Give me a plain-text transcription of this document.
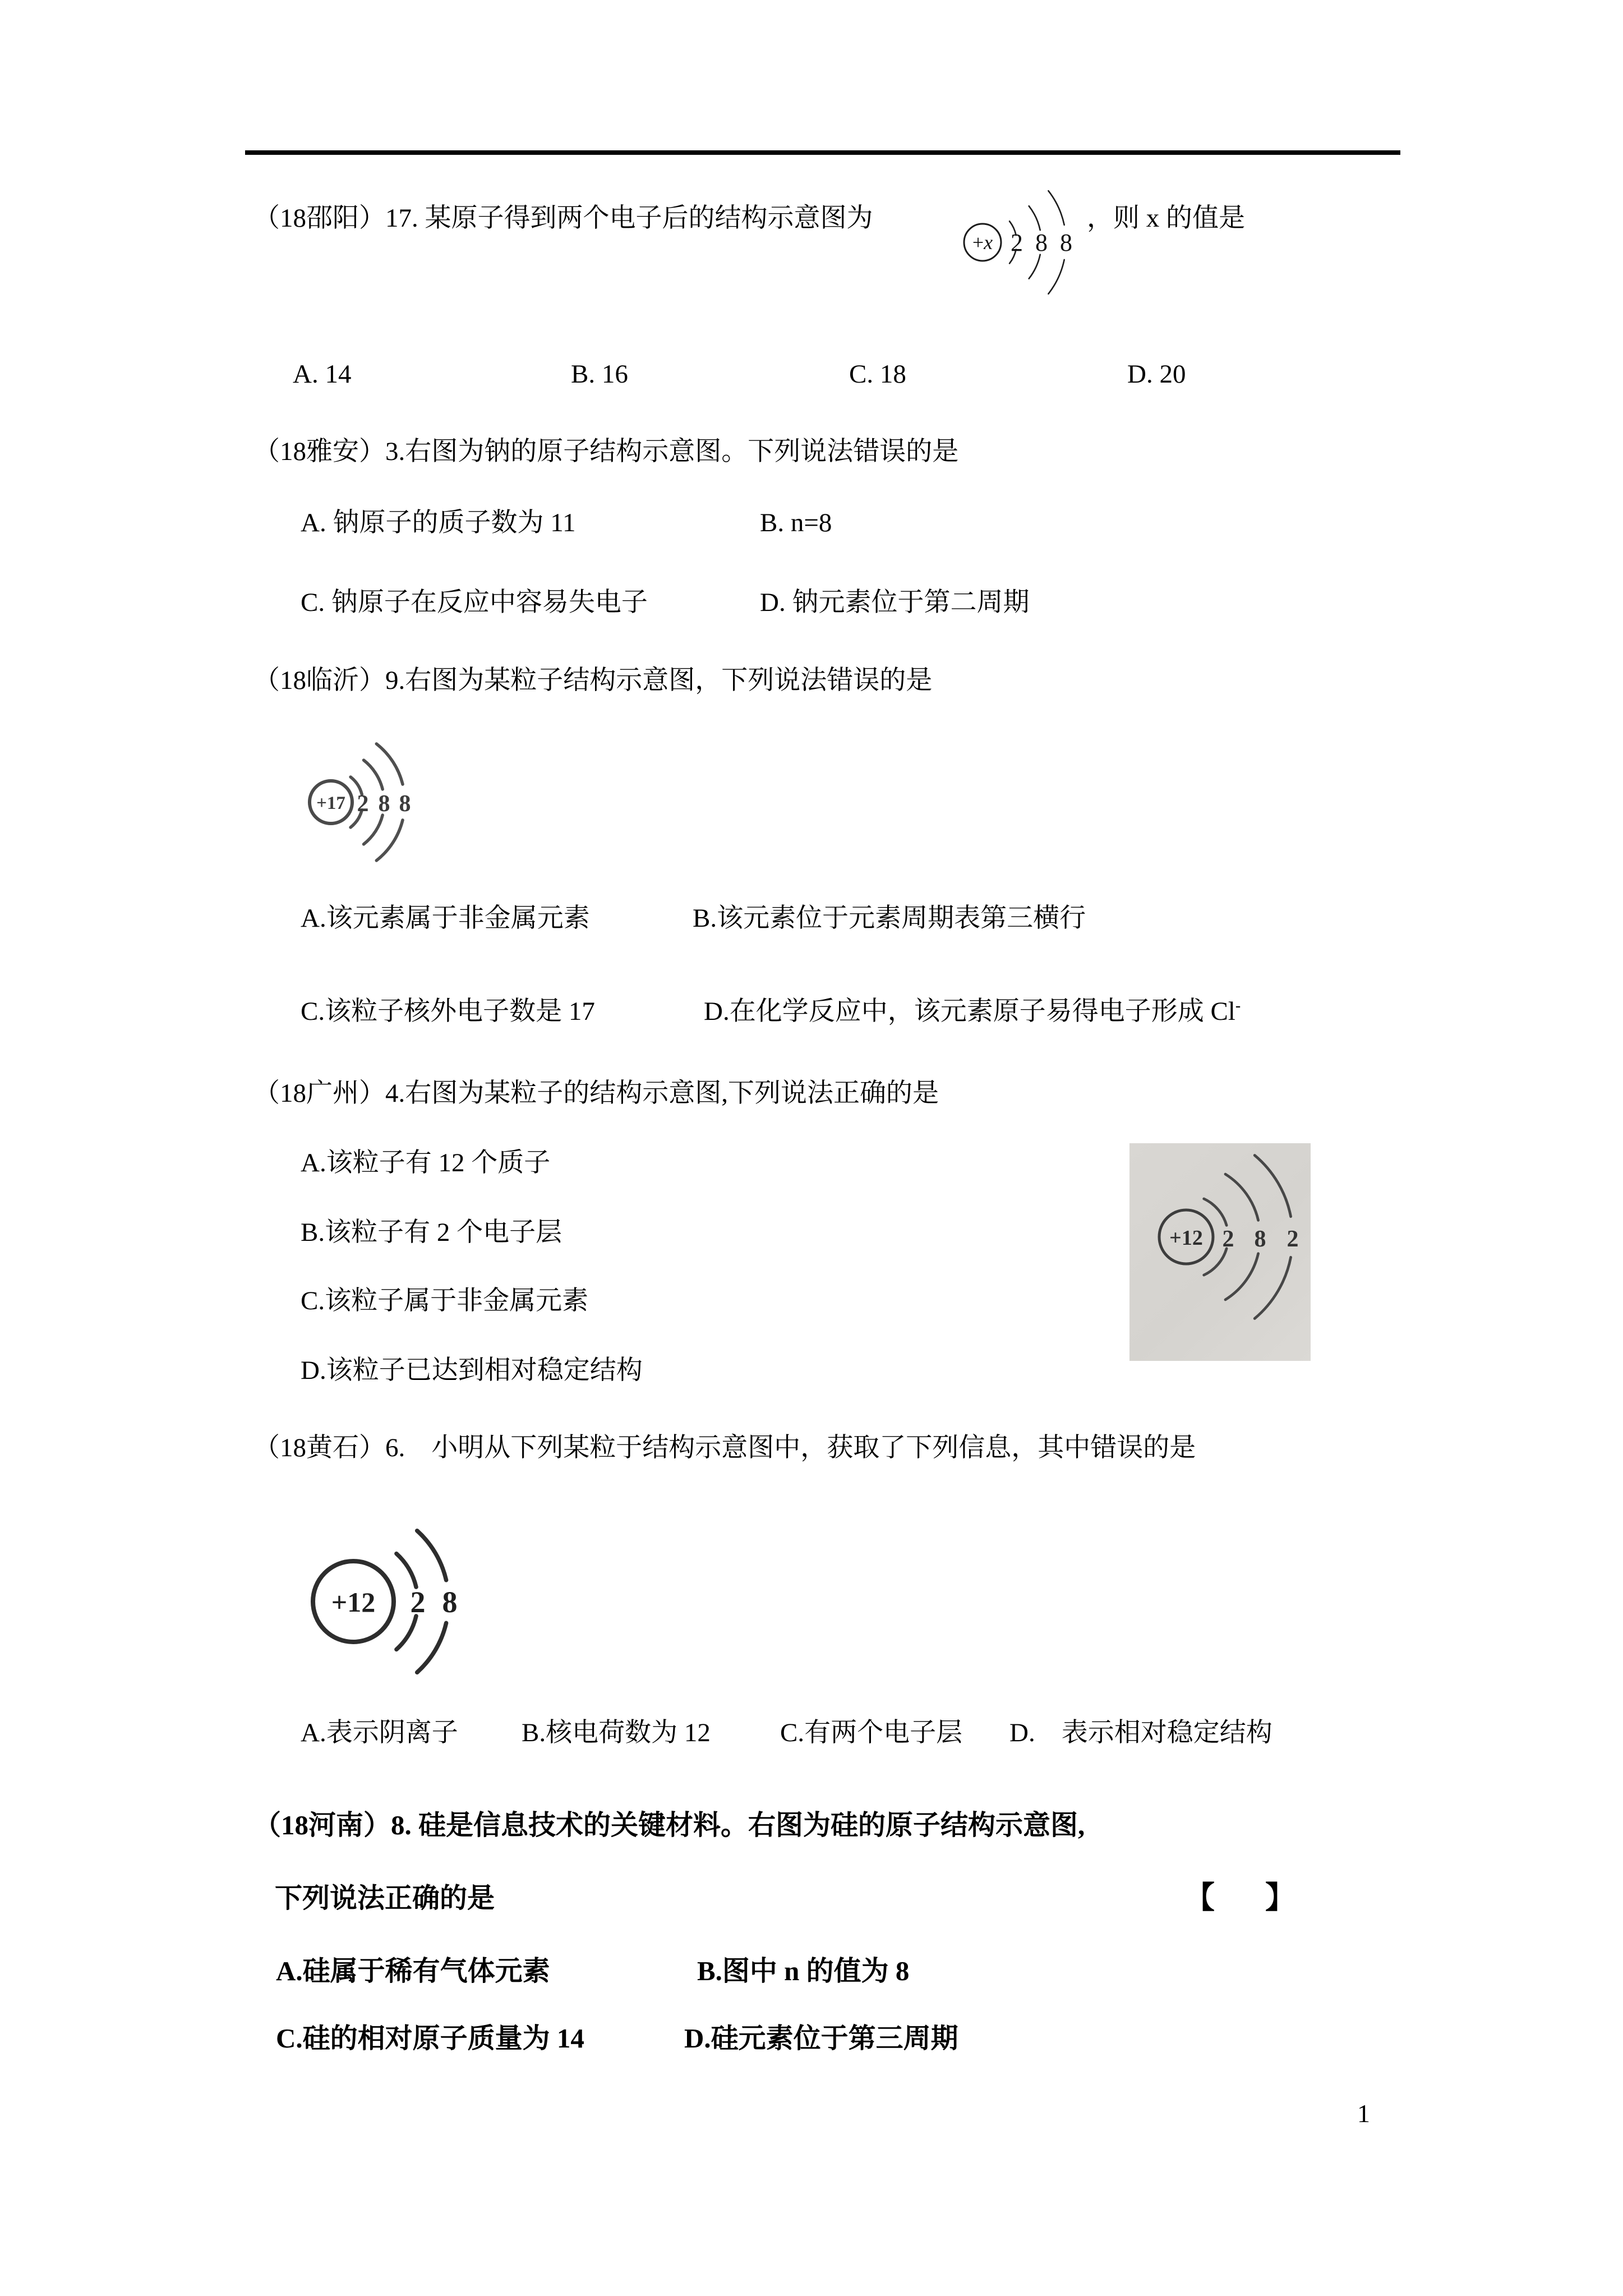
（18邵阳）17. 某原子得到两个电子后的结构示意图为
+x 2 8 8
，则 x 的值是
A. 14	B. 16	C. 18	D. 20
（18雅安）3.右图为钠的原子结构示意图。下列说法错误的是
A. 钠原子的质子数为 11	B. n=8
C. 钠原子在反应中容易失电子	D. 钠元素位于第二周期
（18临沂）9.右图为某粒子结构示意图，下列说法错误的是
+17 2 8 8
A.该元素属于非金属元素	B.该元素位于元素周期表第三横行
C.该粒子核外电子数是 17	D.在化学反应中，该元素原子易得电子形成 Cl-
（18广州）4.右图为某粒子的结构示意图,下列说法正确的是
A.该粒子有 12 个质子
B.该粒子有 2 个电子层
C.该粒子属于非金属元素
D.该粒子已达到相对稳定结构
+12 2 8 2
（18黄石）6.　小明从下列某粒于结构示意图中，获取了下列信息，其中错误的是
+12 2 8
A.表示阴离子 B.核电荷数为 12	C.有两个电子层 D.　表示相对稳定结构
（18河南）8. 硅是信息技术的关键材料。右图为硅的原子结构示意图,
下列说法正确的是	【　】
A.硅属于稀有气体元素	B.图中 n 的值为 8
C.硅的相对原子质量为 14	D.硅元素位于第三周期
1
